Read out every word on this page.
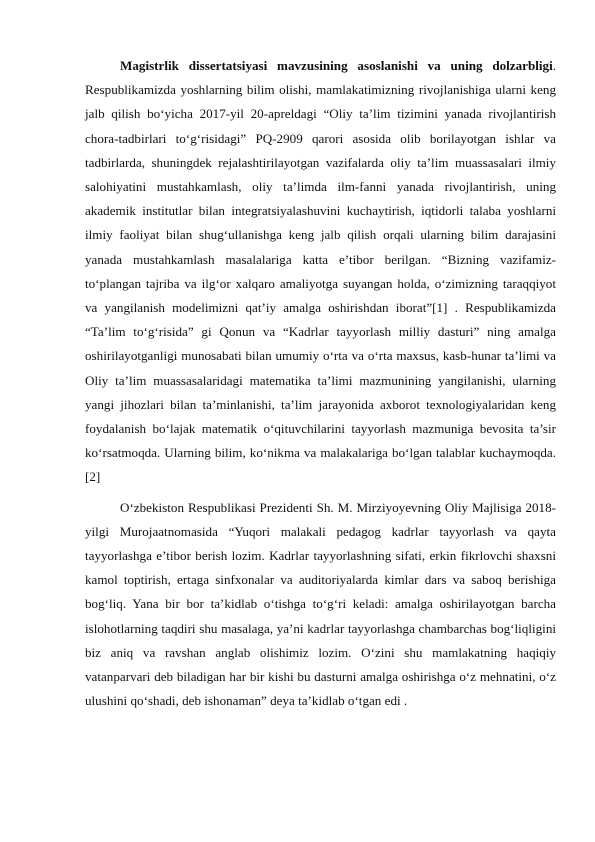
Magistrlik dissertatsiyasi mavzusining asoslanishi va uning dolzarbligi. Respublikamizda yoshlarning bilim olishi, mamlakatimizning rivojlanishiga ularni keng jalb qilish bo‘yicha 2017-yil 20-apreldagi “Oliy ta’lim tizimini yanada rivojlantirish chora-tadbirlari to‘g‘risidagi” PQ-2909 qarori asosida olib borilayotgan ishlar va tadbirlarda, shuningdek rejalashtirilayotgan vazifalarda oliy ta’lim muassasalari ilmiy salohiyatini mustahkamlash, oliy ta’limda ilm-fanni yanada rivojlantirish, uning akademik institutlar bilan integratsiyalashuvini kuchaytirish, iqtidorli talaba yoshlarni ilmiy faoliyat bilan shug‘ullanishga keng jalb qilish orqali ularning bilim darajasini yanada mustahkamlash masalalariga katta e’tibor berilgan. “Bizning vazifamiz-to‘plangan tajriba va ilg‘or xalqaro amaliyotga suyangan holda, o‘zimizning taraqqiyot va yangilanish modelimizni qat’iy amalga oshirishdan iborat”[1] . Respublikamizda “Ta’lim to‘g‘risida” gi Qonun va “Kadrlar tayyorlash milliy dasturi” ning amalga oshirilayotganligi munosabati bilan umumiy o‘rta va o‘rta maxsus, kasb-hunar ta’limi va Oliy ta’lim muassasalaridagi matematika ta’limi mazmunining yangilanishi, ularning yangi jihozlari bilan ta’minlanishi, ta’lim jarayonida axborot texnologiyalaridan keng foydalanish bo‘lajak matematik o‘qituvchilarini tayyorlash mazmuniga bevosita ta’sir ko‘rsatmoqda. Ularning bilim, ko‘nikma va malakalariga bo‘lgan talablar kuchaymoqda.[2]

O‘zbekiston Respublikasi Prezidenti Sh. M. Mirziyoyevning Oliy Majlisiga 2018-yilgi Murojaatnomasida “Yuqori malakali pedagog kadrlar tayyorlash va qayta tayyorlashga e’tibor berish lozim. Kadrlar tayyorlashning sifati, erkin fikrlovchi shaxsni kamol toptirish, ertaga sinfxonalar va auditoriyalarda kimlar dars va saboq berishiga bog‘liq. Yana bir bor ta’kidlab o‘tishga to‘g‘ri keladi: amalga oshirilayotgan barcha islohotlarning taqdiri shu masalaga, ya’ni kadrlar tayyorlashga chambarchas bog‘liqligini biz aniq va ravshan anglab olishimiz lozim. O‘zini shu mamlakatning haqiqiy vatanparvari deb biladigan har bir kishi bu dasturni amalga oshirishga o‘z mehnatini, o‘z ulushini qo‘shadi, deb ishonaman” deya ta’kidlab o‘tgan edi .
